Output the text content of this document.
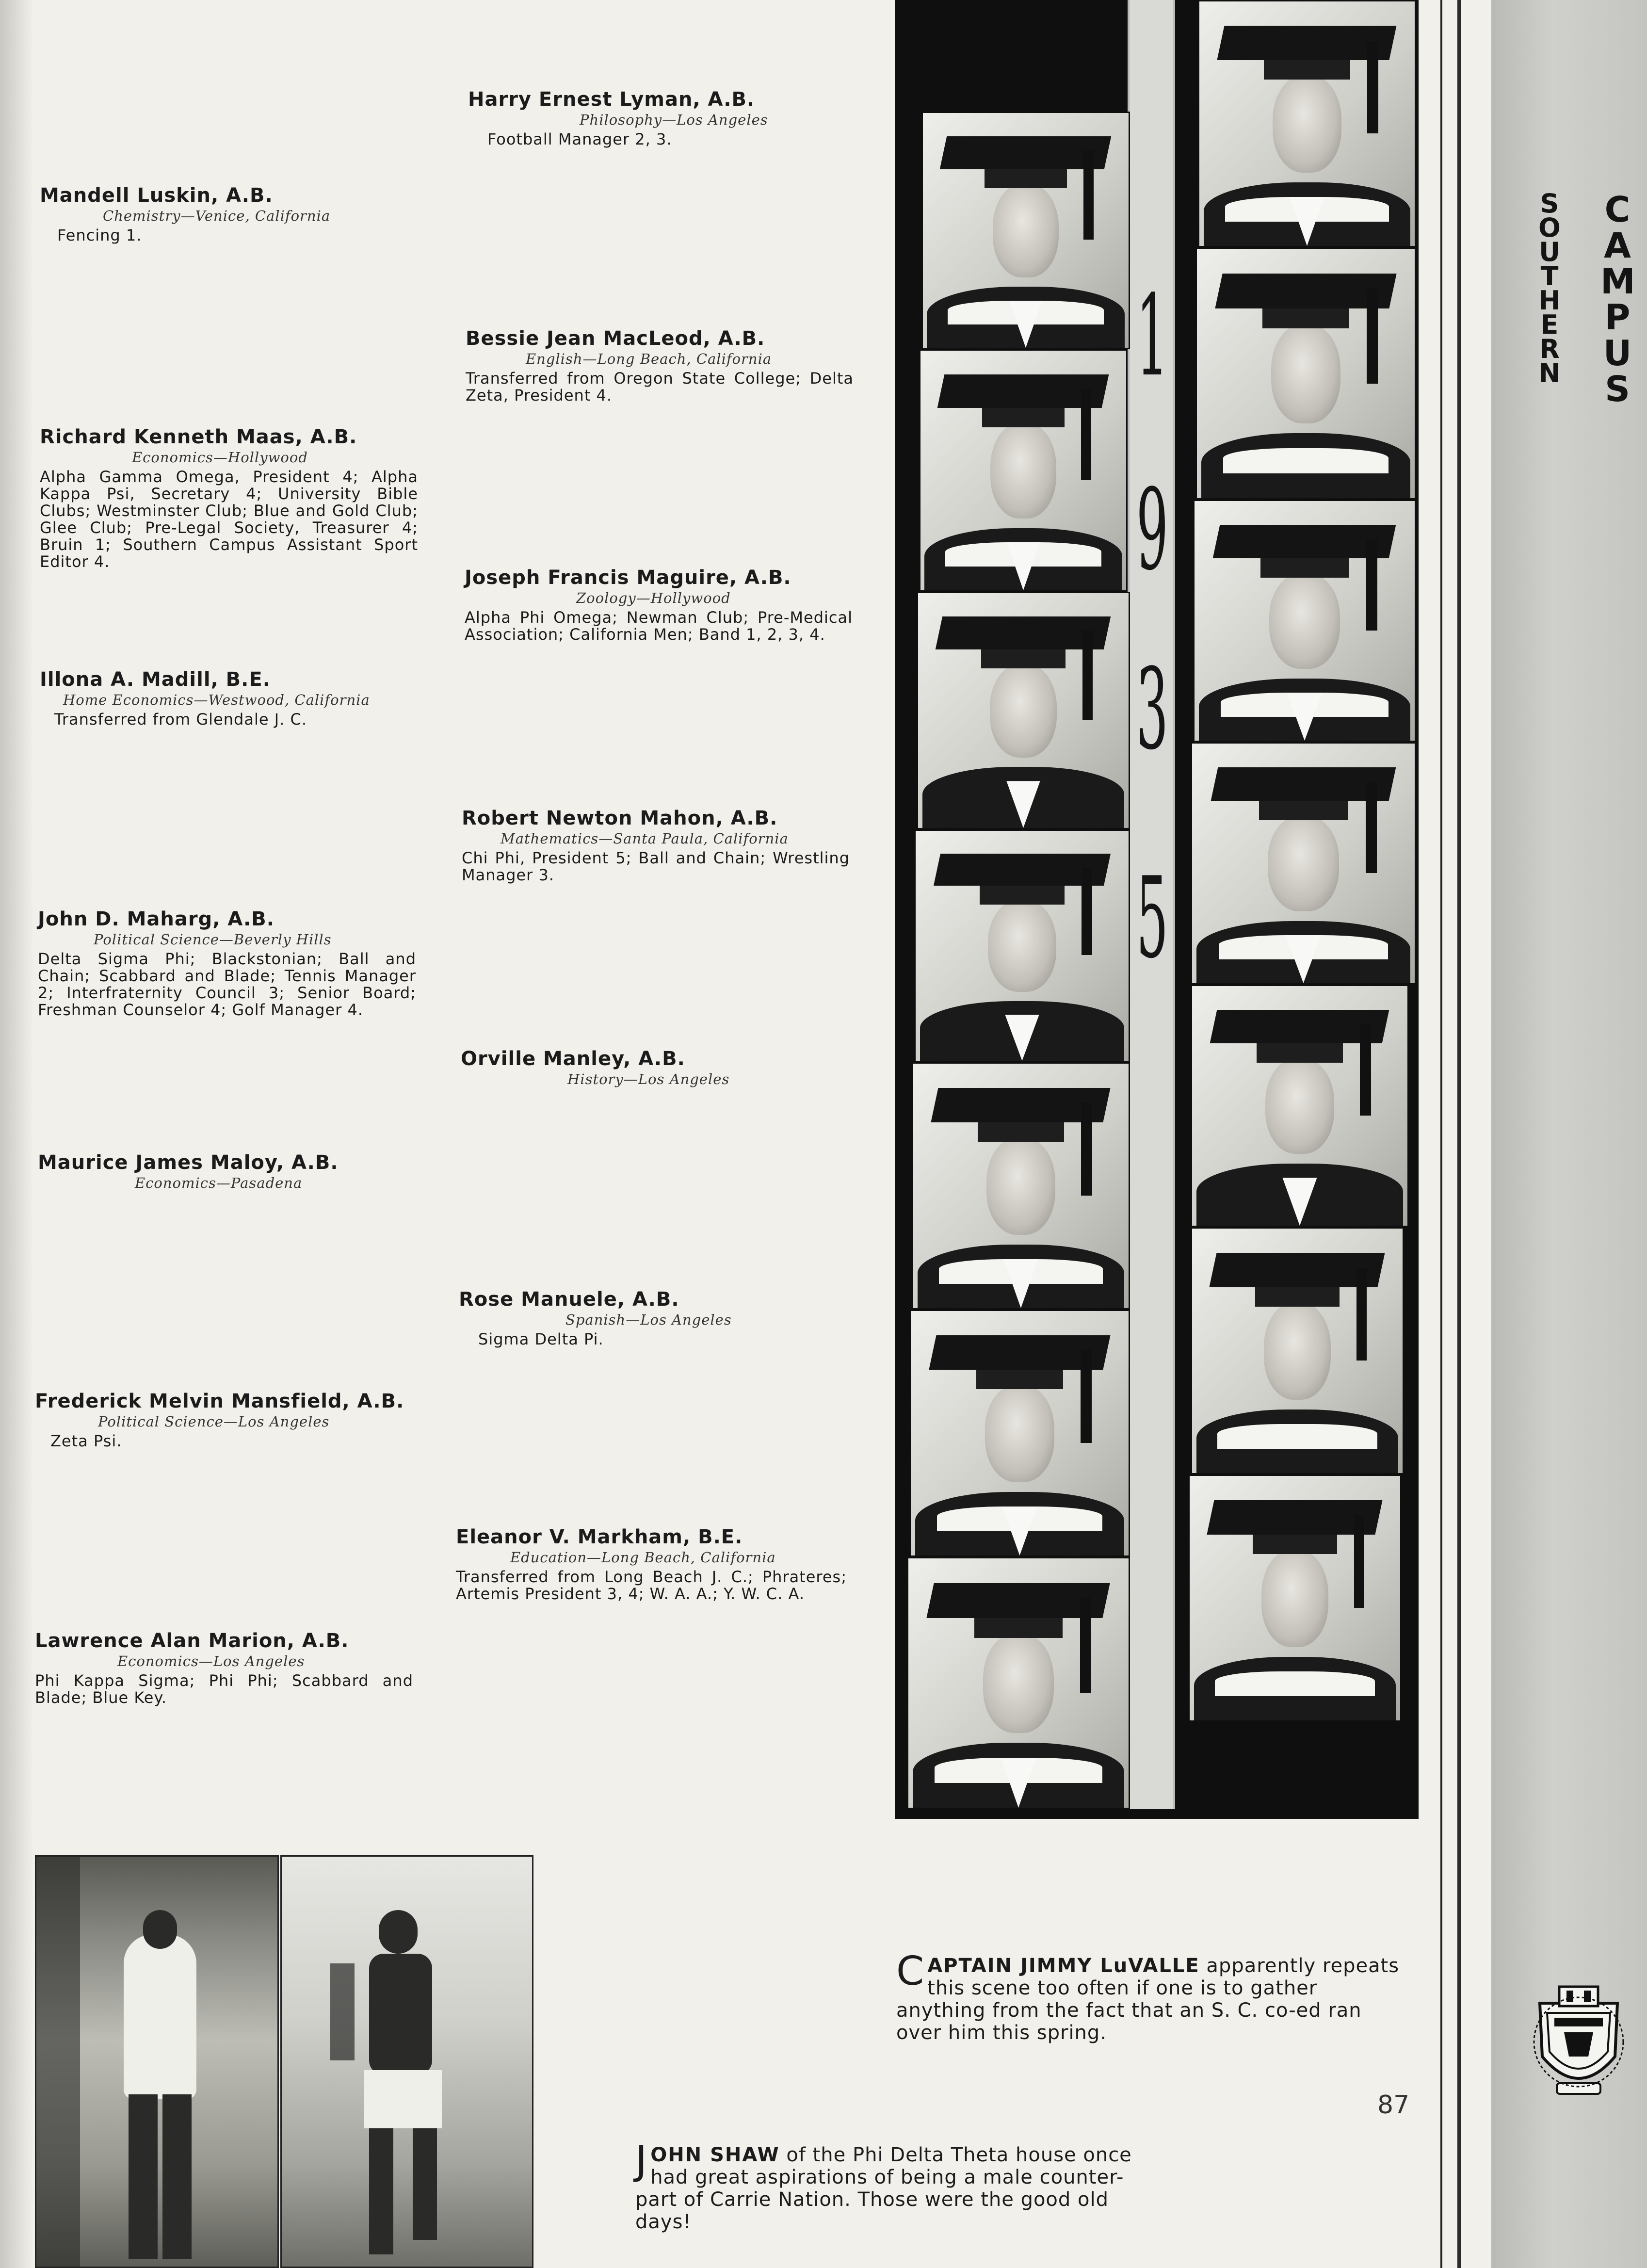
Mandell Luskin, A.B.
Chemistry—Venice, California
Fencing 1.
Richard Kenneth Maas, A.B.
Economics—Hollywood
Alpha Gamma Omega, President 4; Alpha Kappa Psi, Secretary 4; University Bible Clubs; Westminster Club; Blue and Gold Club; Glee Club; Pre-Legal Society, Treasurer 4; Bruin 1; Southern Campus Assistant Sport Editor 4.
Illona A. Madill, B.E.
Home Economics—Westwood, California
Transferred from Glendale J. C.
John D. Maharg, A.B.
Political Science—Beverly Hills
Delta Sigma Phi; Blackstonian; Ball and Chain; Scabbard and Blade; Tennis Manager 2; Interfraternity Council 3; Senior Board; Freshman Counselor 4; Golf Manager 4.
Maurice James Maloy, A.B.
Economics—Pasadena
Frederick Melvin Mansfield, A.B.
Political Science—Los Angeles
Zeta Psi.
Lawrence Alan Marion, A.B.
Economics—Los Angeles
Phi Kappa Sigma; Phi Phi; Scabbard and Blade; Blue Key.
Harry Ernest Lyman, A.B.
Philosophy—Los Angeles
Football Manager 2, 3.
Bessie Jean MacLeod, A.B.
English—Long Beach, California
Transferred from Oregon State College; Delta Zeta, President 4.
Joseph Francis Maguire, A.B.
Zoology—Hollywood
Alpha Phi Omega; Newman Club; Pre-Medical Association; California Men; Band 1, 2, 3, 4.
Robert Newton Mahon, A.B.
Mathematics—Santa Paula, California
Chi Phi, President 5; Ball and Chain; Wrestling Manager 3.
Orville Manley, A.B.
History—Los Angeles
Rose Manuele, A.B.
Spanish—Los Angeles
Sigma Delta Pi.
Eleanor V. Markham, B.E.
Education—Long Beach, California
Transferred from Long Beach J. C.; Phrateres; Artemis President 3, 4; W. A. A.; Y. W. C. A.
1
9
3
5
S
O
U
T
H
E
R
N
C
A
M
P
U
S
CAPTAIN JIMMY LuVALLE apparently repeats this scene too often if one is to gather anything from the fact that an S. C. co-ed ran over him this spring.
JOHN SHAW of the Phi Delta Theta house once had great aspirations of being a male counter-part of Carrie Nation. Those were the good old days!
87
